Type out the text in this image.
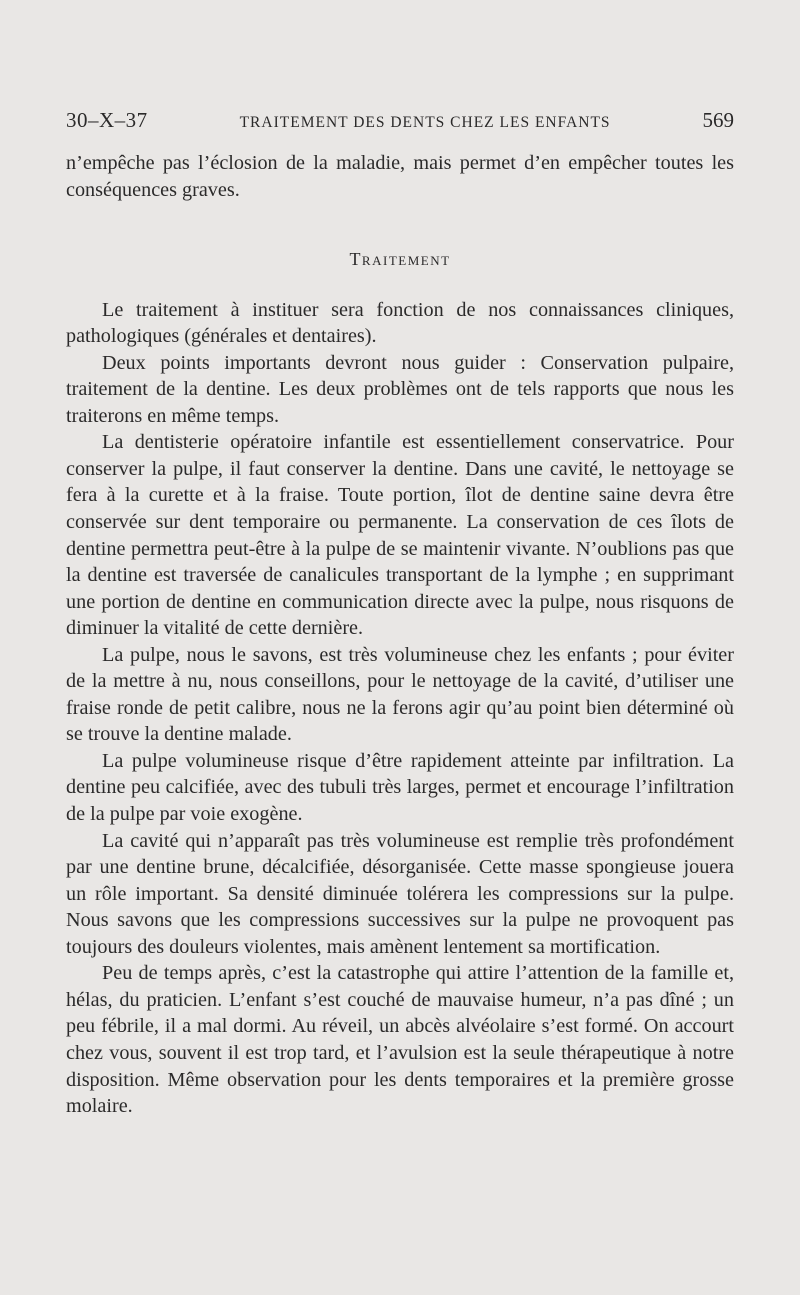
30–X–37	TRAITEMENT DES DENTS CHEZ LES ENFANTS	569

n’empêche pas l’éclosion de la maladie, mais permet d’en empêcher toutes les conséquences graves.

Traitement

Le traitement à instituer sera fonction de nos connaissances cliniques, pathologiques (générales et dentaires).

Deux points importants devront nous guider : Conservation pulpaire, traitement de la dentine. Les deux problèmes ont de tels rapports que nous les traiterons en même temps.

La dentisterie opératoire infantile est essentiellement conservatrice. Pour conserver la pulpe, il faut conserver la dentine. Dans une cavité, le nettoyage se fera à la curette et à la fraise. Toute portion, îlot de dentine saine devra être conservée sur dent temporaire ou permanente. La conservation de ces îlots de dentine permettra peut-être à la pulpe de se maintenir vivante. N’oublions pas que la dentine est traversée de canalicules transportant de la lymphe ; en supprimant une portion de dentine en communication directe avec la pulpe, nous risquons de diminuer la vitalité de cette dernière.

La pulpe, nous le savons, est très volumineuse chez les enfants ; pour éviter de la mettre à nu, nous conseillons, pour le nettoyage de la cavité, d’utiliser une fraise ronde de petit calibre, nous ne la ferons agir qu’au point bien déterminé où se trouve la dentine malade.

La pulpe volumineuse risque d’être rapidement atteinte par infiltration. La dentine peu calcifiée, avec des tubuli très larges, permet et encourage l’infiltration de la pulpe par voie exogène.

La cavité qui n’apparaît pas très volumineuse est remplie très profondément par une dentine brune, décalcifiée, désorganisée. Cette masse spongieuse jouera un rôle important. Sa densité diminuée tolérera les compressions sur la pulpe. Nous savons que les compressions successives sur la pulpe ne provoquent pas toujours des douleurs violentes, mais amènent lentement sa mortification.

Peu de temps après, c’est la catastrophe qui attire l’attention de la famille et, hélas, du praticien. L’enfant s’est couché de mauvaise humeur, n’a pas dîné ; un peu fébrile, il a mal dormi. Au réveil, un abcès alvéolaire s’est formé. On accourt chez vous, souvent il est trop tard, et l’avulsion est la seule thérapeutique à notre disposition. Même observation pour les dents temporaires et la première grosse molaire.
